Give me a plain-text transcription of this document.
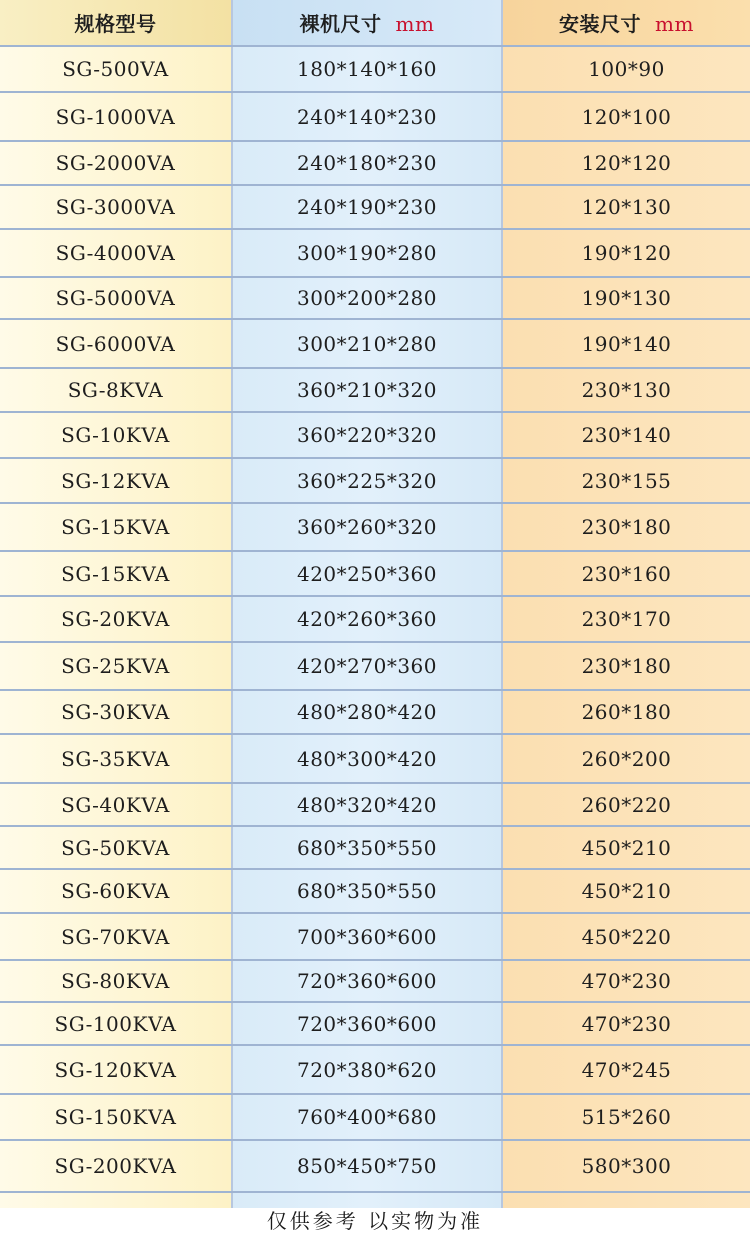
规格型号	裸机尺寸 mm	安装尺寸 mm
SG-500VA	180*140*160	100*90
SG-1000VA	240*140*230	120*100
SG-2000VA	240*180*230	120*120
SG-3000VA	240*190*230	120*130
SG-4000VA	300*190*280	190*120
SG-5000VA	300*200*280	190*130
SG-6000VA	300*210*280	190*140
SG-8KVA	360*210*320	230*130
SG-10KVA	360*220*320	230*140
SG-12KVA	360*225*320	230*155
SG-15KVA	360*260*320	230*180
SG-15KVA	420*250*360	230*160
SG-20KVA	420*260*360	230*170
SG-25KVA	420*270*360	230*180
SG-30KVA	480*280*420	260*180
SG-35KVA	480*300*420	260*200
SG-40KVA	480*320*420	260*220
SG-50KVA	680*350*550	450*210
SG-60KVA	680*350*550	450*210
SG-70KVA	700*360*600	450*220
SG-80KVA	720*360*600	470*230
SG-100KVA	720*360*600	470*230
SG-120KVA	720*380*620	470*245
SG-150KVA	760*400*680	515*260
SG-200KVA	850*450*750	580*300

仅供参考 以实物为准
